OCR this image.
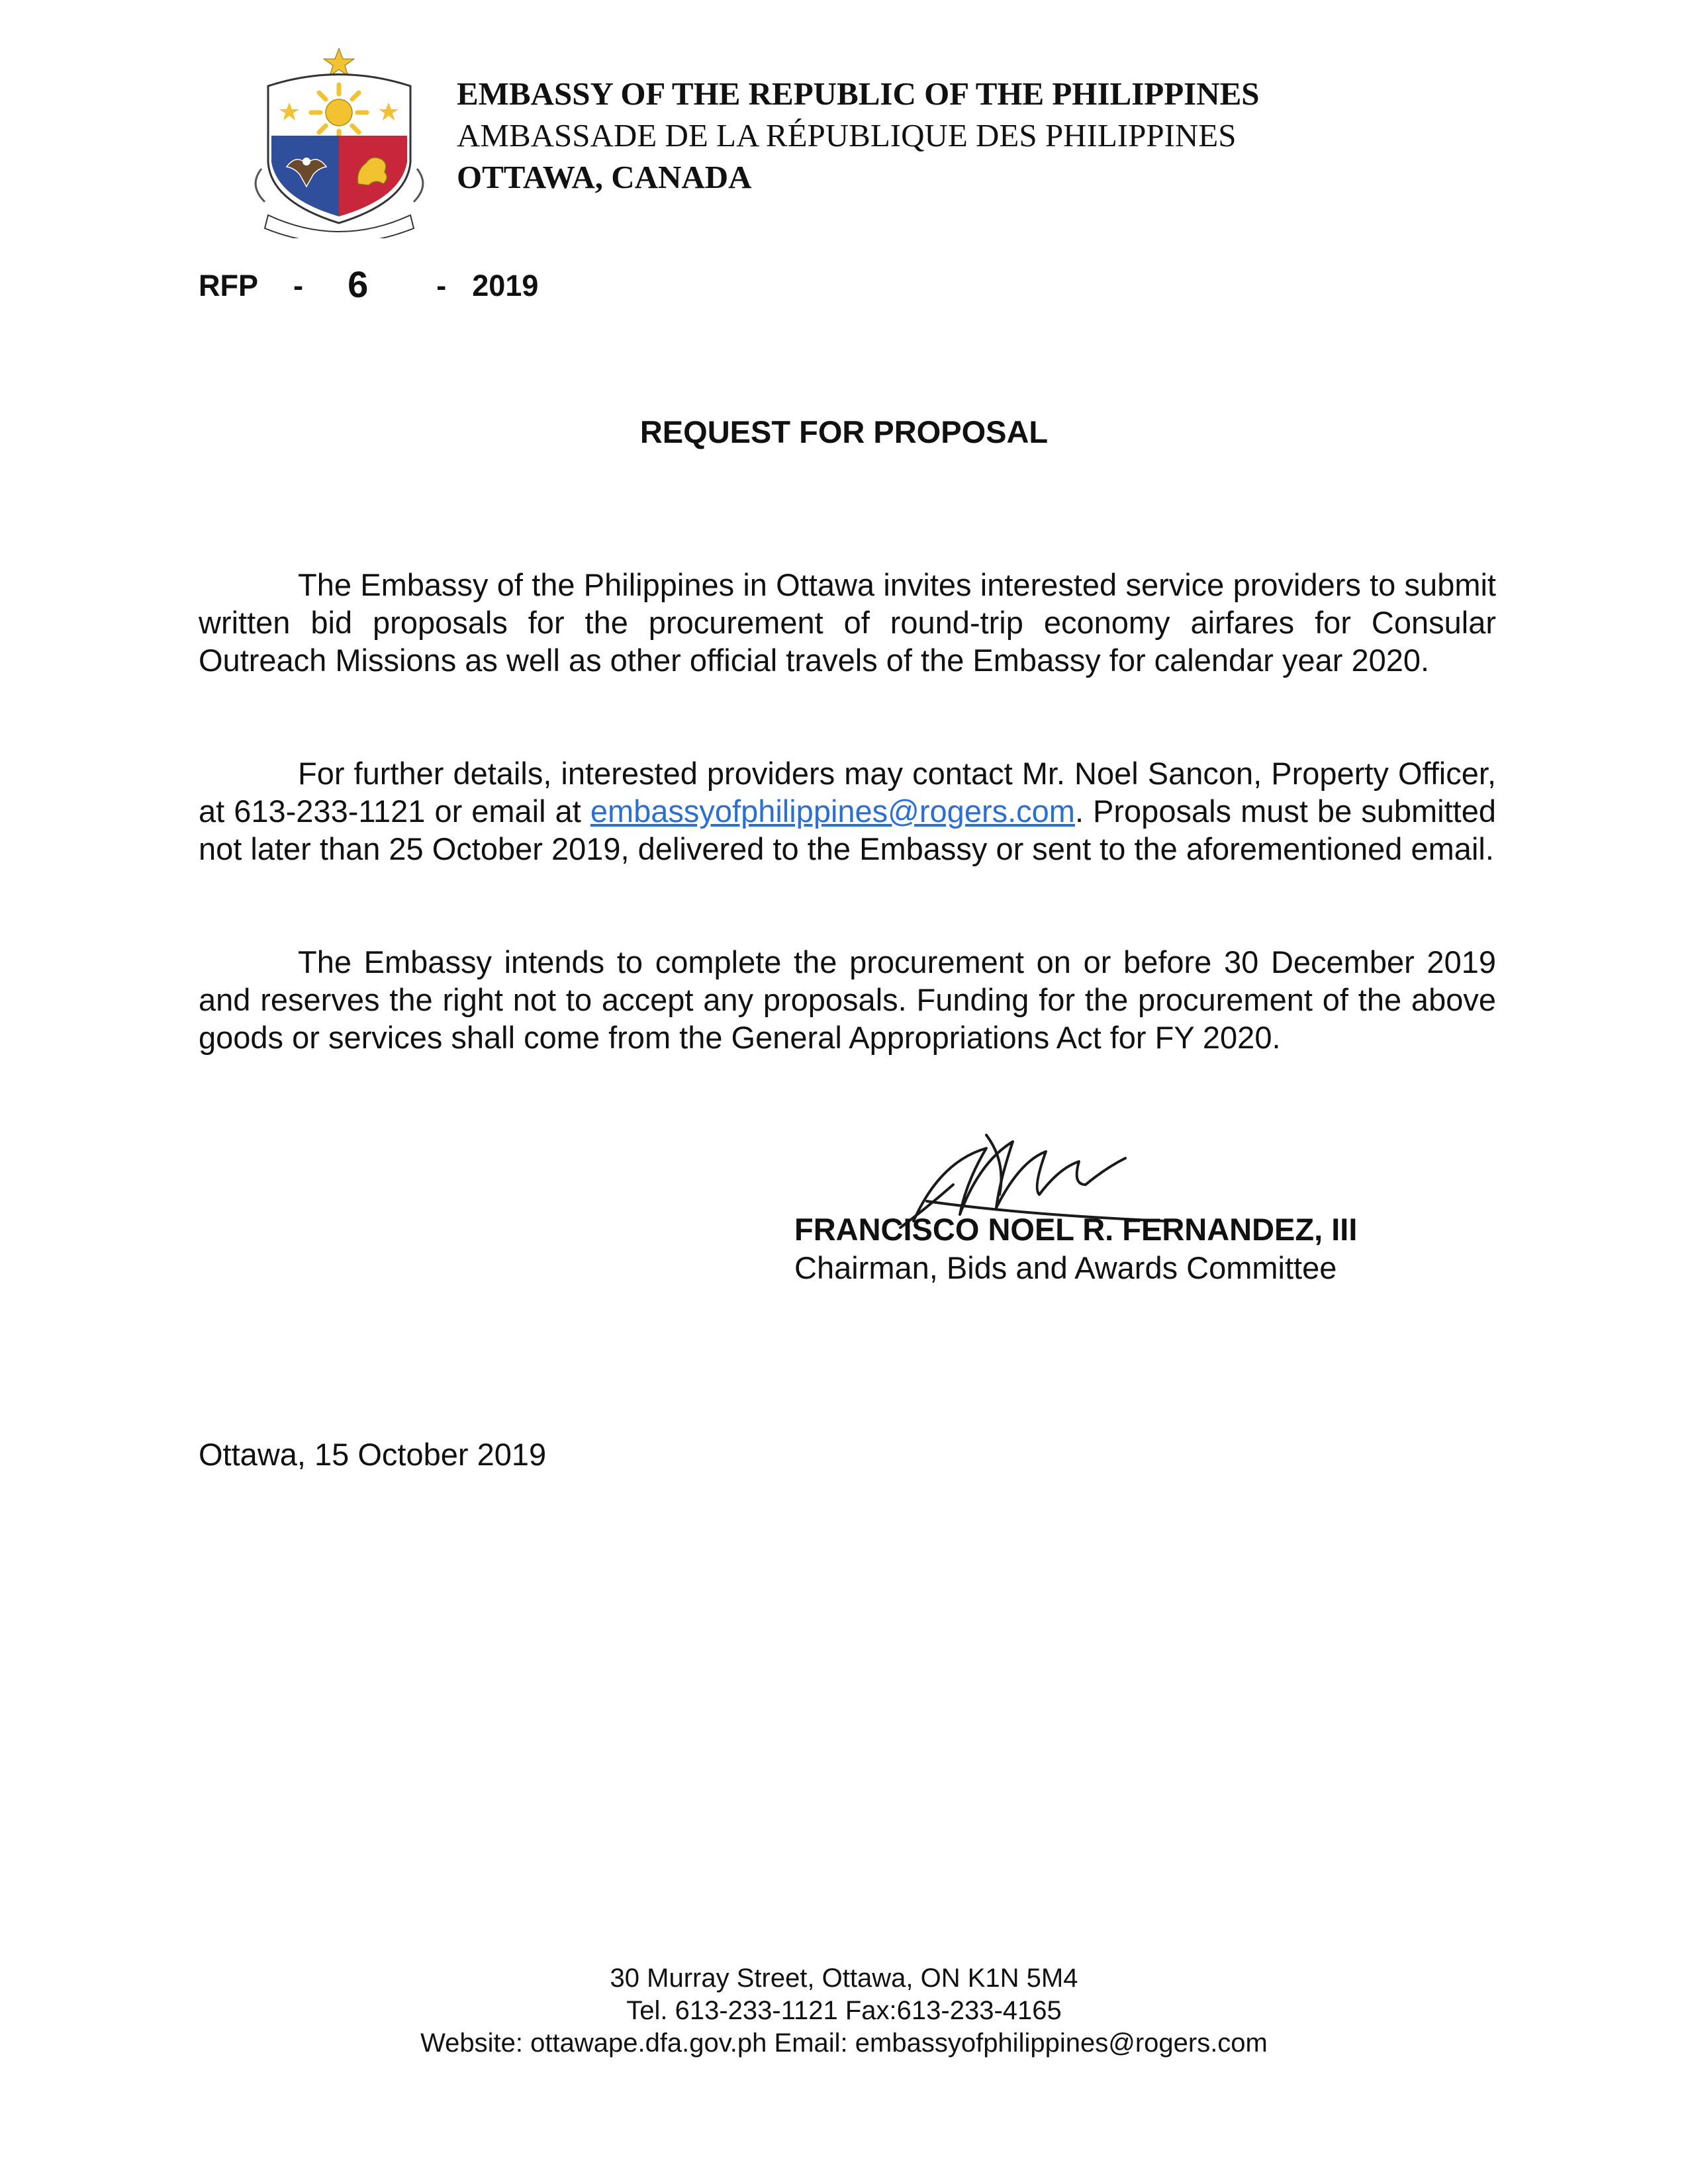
EMBASSY OF THE REPUBLIC OF THE PHILIPPINES
AMBASSADE DE LA RÉPUBLIQUE DES PHILIPPINES
OTTAWA, CANADA
RFP - 6 - 2019
REQUEST FOR PROPOSAL

The Embassy of the Philippines in Ottawa invites interested service providers to submit written bid proposals for the procurement of round-trip economy airfares for Consular Outreach Missions as well as other official travels of the Embassy for calendar year 2020.

For further details, interested providers may contact Mr. Noel Sancon, Property Officer, at 613-233-1121 or email at embassyofphilippines@rogers.com. Proposals must be submitted not later than 25 October 2019, delivered to the Embassy or sent to the aforementioned email.

The Embassy intends to complete the procurement on or before 30 December 2019 and reserves the right not to accept any proposals. Funding for the procurement of the above goods or services shall come from the General Appropriations Act for FY 2020.

FRANCISCO NOEL R. FERNANDEZ, III
Chairman, Bids and Awards Committee
Ottawa, 15 October 2019
30 Murray Street, Ottawa, ON K1N 5M4
Tel. 613-233-1121 Fax:613-233-4165
Website: ottawape.dfa.gov.ph Email: embassyofphilippines@rogers.com
